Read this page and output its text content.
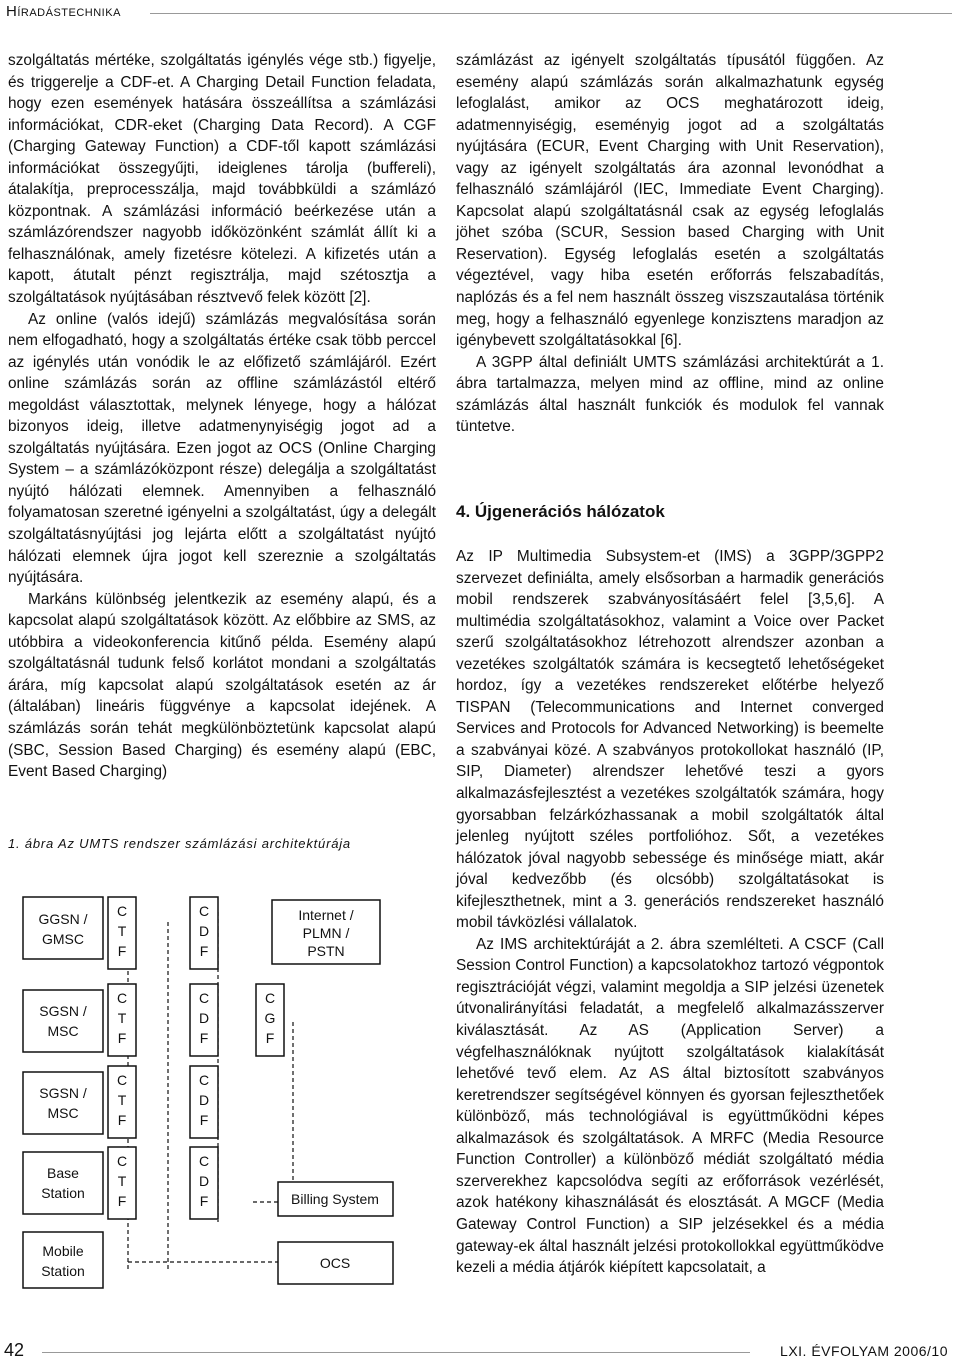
Híradástechnika

szolgáltatás mértéke, szolgáltatás igénylés vége stb.) figyelje, és triggerelje a CDF-et. A Charging Detail Function feladata, hogy ezen események hatására összeállítsa a számlázási információkat, CDR-eket (Charging Data Record). A CGF (Charging Gateway Function) a CDF-től kapott számlázási információkat összegyűjti, ideiglenes tárolja (buffereli), átalakítja, preprocesszálja, majd továbbküldi a számlázó központnak. A számlázási információ beérkezése után a számlázórendszer nagyobb időközönként számlát állít ki a felhasználónak, amely fizetésre kötelezi. A kifizetés után a kapott, átutalt pénzt regisztrálja, majd szétosztja a szolgáltatások nyújtásában résztvevő felek között [2].

Az online (valós idejű) számlázás megvalósítása során nem elfogadható, hogy a szolgáltatás értéke csak több perccel az igénylés után vonódik le az előfizető számlájáról. Ezért online számlázás során az offline számlázástól eltérő megoldást választottak, melynek lényege, hogy a hálózat bizonyos ideig, illetve adatmenynyiségig jogot ad a szolgáltatás nyújtására. Ezen jogot az OCS (Online Charging System – a számlázóközpont része) delegálja a szolgáltatást nyújtó hálózati elemnek. Amennyiben a felhasználó folyamatosan szeretné igényelni a szolgáltatást, úgy a delegált szolgáltatásnyújtási jog lejárta előtt a szolgáltatást nyújtó hálózati elemnek újra jogot kell szereznie a szolgáltatás nyújtására.

Markáns különbség jelentkezik az esemény alapú, és a kapcsolat alapú szolgáltatások között. Az előbbire az SMS, az utóbbira a videokonferencia kitűnő példa. Esemény alapú szolgáltatásnál tudunk felső korlátot mondani a szolgáltatás árára, míg kapcsolat alapú szolgáltatások esetén az ár (általában) lineáris függvénye a kapcsolat idejének. A számlázás során tehát megkülönböztetünk kapcsolat alapú (SBC, Session Based Charging) és esemény alapú (EBC, Event Based Charging)

1. ábra Az UMTS rendszer számlázási architektúrája
GGSN /
GMSC
SGSN /
MSC
SGSN /
MSC
Base
Station
Mobile
Station
C
T
F
C
T
F
C
T
F
C
T
F
C
D
F
C
D
F
C
D
F
C
D
F
C
G
F
Internet /
PLMN /
PSTN
Billing System
OCS

számlázást az igényelt szolgáltatás típusától függően. Az esemény alapú számlázás során alkalmazhatunk egység lefoglalást, amikor az OCS meghatározott ideig, adatmennyiségig, eseményig jogot ad a szolgáltatás nyújtására (ECUR, Event Charging with Unit Reservation), vagy az igényelt szolgáltatás ára azonnal levonódhat a felhasználó számlájáról (IEC, Immediate Event Charging). Kapcsolat alapú szolgáltatásnál csak az egység lefoglalás jöhet szóba (SCUR, Session based Charging with Unit Reservation). Egység lefoglalás esetén a szolgáltatás végeztével, vagy hiba esetén erőforrás felszabadítás, naplózás és a fel nem használt összeg viszszautalása történik meg, hogy a felhasználó egyenlege konzisztens maradjon az igénybevett szolgáltatásokkal [6].

A 3GPP által definiált UMTS számlázási architektúrát a 1. ábra tartalmazza, melyen mind az offline, mind az online számlázás által használt funkciók és modulok fel vannak tüntetve.

4. Újgenerációs hálózatok

Az IP Multimedia Subsystem-et (IMS) a 3GPP/3GPP2 szervezet definiálta, amely elsősorban a harmadik generációs mobil rendszerek szabványosításáért felel [3,5,6]. A multimédia szolgáltatásokhoz, valamint a Voice over Packet szerű szolgáltatásokhoz létrehozott alrendszer azonban a vezetékes szolgáltatók számára is kecsegtető lehetőségeket hordoz, így a vezetékes rendszereket előtérbe helyező TISPAN (Telecommunications and Internet converged Services and Protocols for Advanced Networking) is beemelte a szabványai közé. A szabványos protokollokat használó (IP, SIP, Diameter) alrendszer lehetővé teszi a gyors alkalmazásfejlesztést a vezetékes szolgáltatók számára, hogy gyorsabban felzárkózhassanak a mobil szolgáltatók által jelenleg nyújtott széles portfolióhoz. Sőt, a vezetékes hálózatok jóval nagyobb sebessége és minősége miatt, akár jóval kedvezőbb (és olcsóbb) szolgáltatásokat is kifejleszthetnek, mint a 3. generációs rendszereket használó mobil távközlési vállalatok.

Az IMS architektúráját a 2. ábra szemlélteti. A CSCF (Call Session Control Function) a kapcsolatokhoz tartozó végpontok regisztrációját végzi, valamint megoldja a SIP jelzési üzenetek útvonalirányítási feladatát, a megfelelő alkalmazásszerver kiválasztását. Az AS (Application Server) a végfelhasználóknak nyújtott szolgáltatások kialakítását lehetővé tevő elem. Az AS által biztosított szabványos keretrendszer segítségével könnyen és gyorsan fejleszthetőek különböző, más technológiával is együttműködni képes alkalmazások és szolgáltatások. A MRFC (Media Resource Function Controller) a különböző médiát szolgáltató média szerverekhez kapcsolódva segíti az erőforrások vezérlését, azok hatékony kihasználását és elosztását. A MGCF (Media Gateway Control Function) a SIP jelzésekkel és a média gateway-ek által használt jelzési protokollokkal együttműködve kezeli a média átjárók kiépített kapcsolatait, a

42	LXI. ÉVFOLYAM 2006/10
